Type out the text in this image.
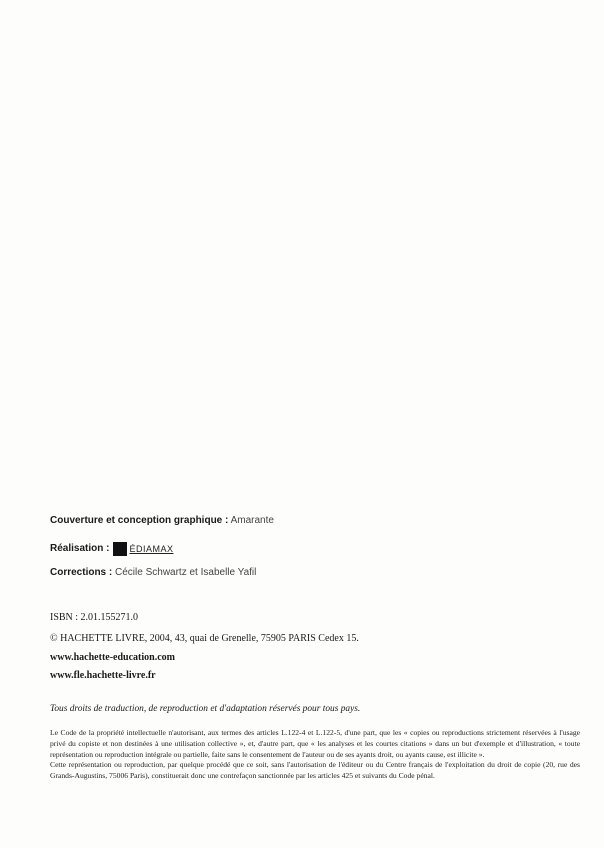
Couverture et conception graphique : Amarante
Réalisation : ÉDIAMAX
Corrections : Cécile Schwartz et Isabelle Yafil
ISBN : 2.01.155271.0
© HACHETTE LIVRE, 2004, 43, quai de Grenelle, 75905 PARIS Cedex 15.
www.hachette-education.com
www.fle.hachette-livre.fr
Tous droits de traduction, de reproduction et d'adaptation réservés pour tous pays.

Le Code de la propriété intellectuelle n'autorisant, aux termes des articles L.122-4 et L.122-5, d'une part, que les « copies ou reproductions strictement réservées à l'usage privé du copiste et non destinées à une utilisation collective », et, d'autre part, que « les analyses et les courtes citations » dans un but d'exemple et d'illustration, « toute représentation ou reproduction intégrale ou partielle, faite sans le consentement de l'auteur ou de ses ayants droit, ou ayants cause, est illicite ».

Cette représentation ou reproduction, par quelque procédé que ce soit, sans l'autorisation de l'éditeur ou du Centre français de l'exploitation du droit de copie (20, rue des Grands-Augustins, 75006 Paris), constituerait donc une contrefaçon sanctionnée par les articles 425 et suivants du Code pénal.
